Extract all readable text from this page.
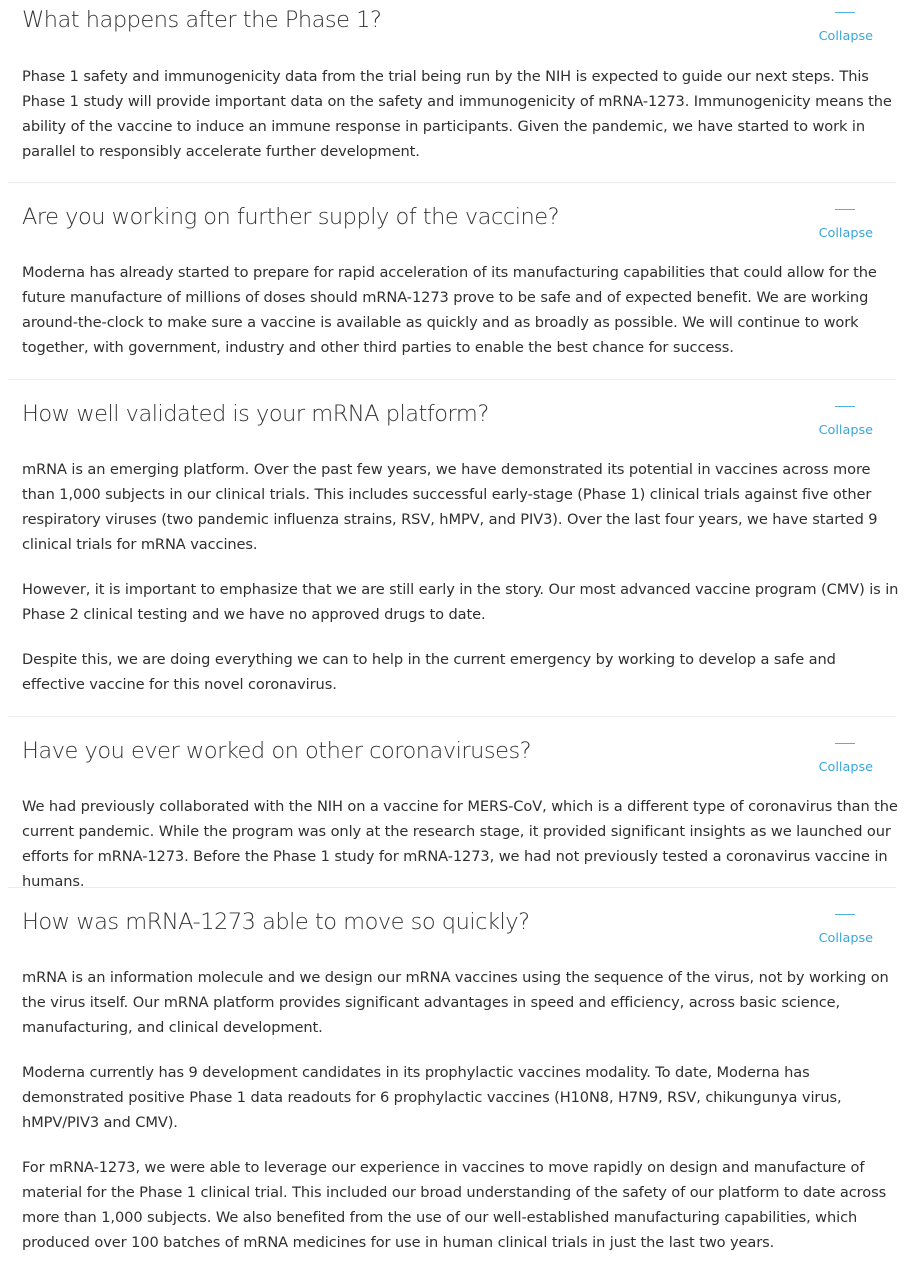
What happens after the Phase 1?
Collapse

Phase 1 safety and immunogenicity data from the trial being run by the NIH is expected to guide our next steps. This Phase 1 study will provide important data on the safety and immunogenicity of mRNA-1273. Immunogenicity means the ability of the vaccine to induce an immune response in participants. Given the pandemic, we have started to work in parallel to responsibly accelerate further development.

Are you working on further supply of the vaccine?
Collapse

Moderna has already started to prepare for rapid acceleration of its manufacturing capabilities that could allow for the future manufacture of millions of doses should mRNA-1273 prove to be safe and of expected benefit. We are working around-the-clock to make sure a vaccine is available as quickly and as broadly as possible. We will continue to work together, with government, industry and other third parties to enable the best chance for success.

How well validated is your mRNA platform?
Collapse

mRNA is an emerging platform. Over the past few years, we have demonstrated its potential in vaccines across more than 1,000 subjects in our clinical trials. This includes successful early-stage (Phase 1) clinical trials against five other respiratory viruses (two pandemic influenza strains, RSV, hMPV, and PIV3). Over the last four years, we have started 9 clinical trials for mRNA vaccines.

However, it is important to emphasize that we are still early in the story. Our most advanced vaccine program (CMV) is in Phase 2 clinical testing and we have no approved drugs to date.

Despite this, we are doing everything we can to help in the current emergency by working to develop a safe and effective vaccine for this novel coronavirus.

Have you ever worked on other coronaviruses?
Collapse

We had previously collaborated with the NIH on a vaccine for MERS-CoV, which is a different type of coronavirus than the current pandemic. While the program was only at the research stage, it provided significant insights as we launched our efforts for mRNA-1273. Before the Phase 1 study for mRNA-1273, we had not previously tested a coronavirus vaccine in humans.

How was mRNA-1273 able to move so quickly?
Collapse

mRNA is an information molecule and we design our mRNA vaccines using the sequence of the virus, not by working on the virus itself. Our mRNA platform provides significant advantages in speed and efficiency, across basic science, manufacturing, and clinical development.

Moderna currently has 9 development candidates in its prophylactic vaccines modality. To date, Moderna has demonstrated positive Phase 1 data readouts for 6 prophylactic vaccines (H10N8, H7N9, RSV, chikungunya virus, hMPV/PIV3 and CMV).

For mRNA-1273, we were able to leverage our experience in vaccines to move rapidly on design and manufacture of material for the Phase 1 clinical trial. This included our broad understanding of the safety of our platform to date across more than 1,000 subjects. We also benefited from the use of our well-established manufacturing capabilities, which produced over 100 batches of mRNA medicines for use in human clinical trials in just the last two years.
